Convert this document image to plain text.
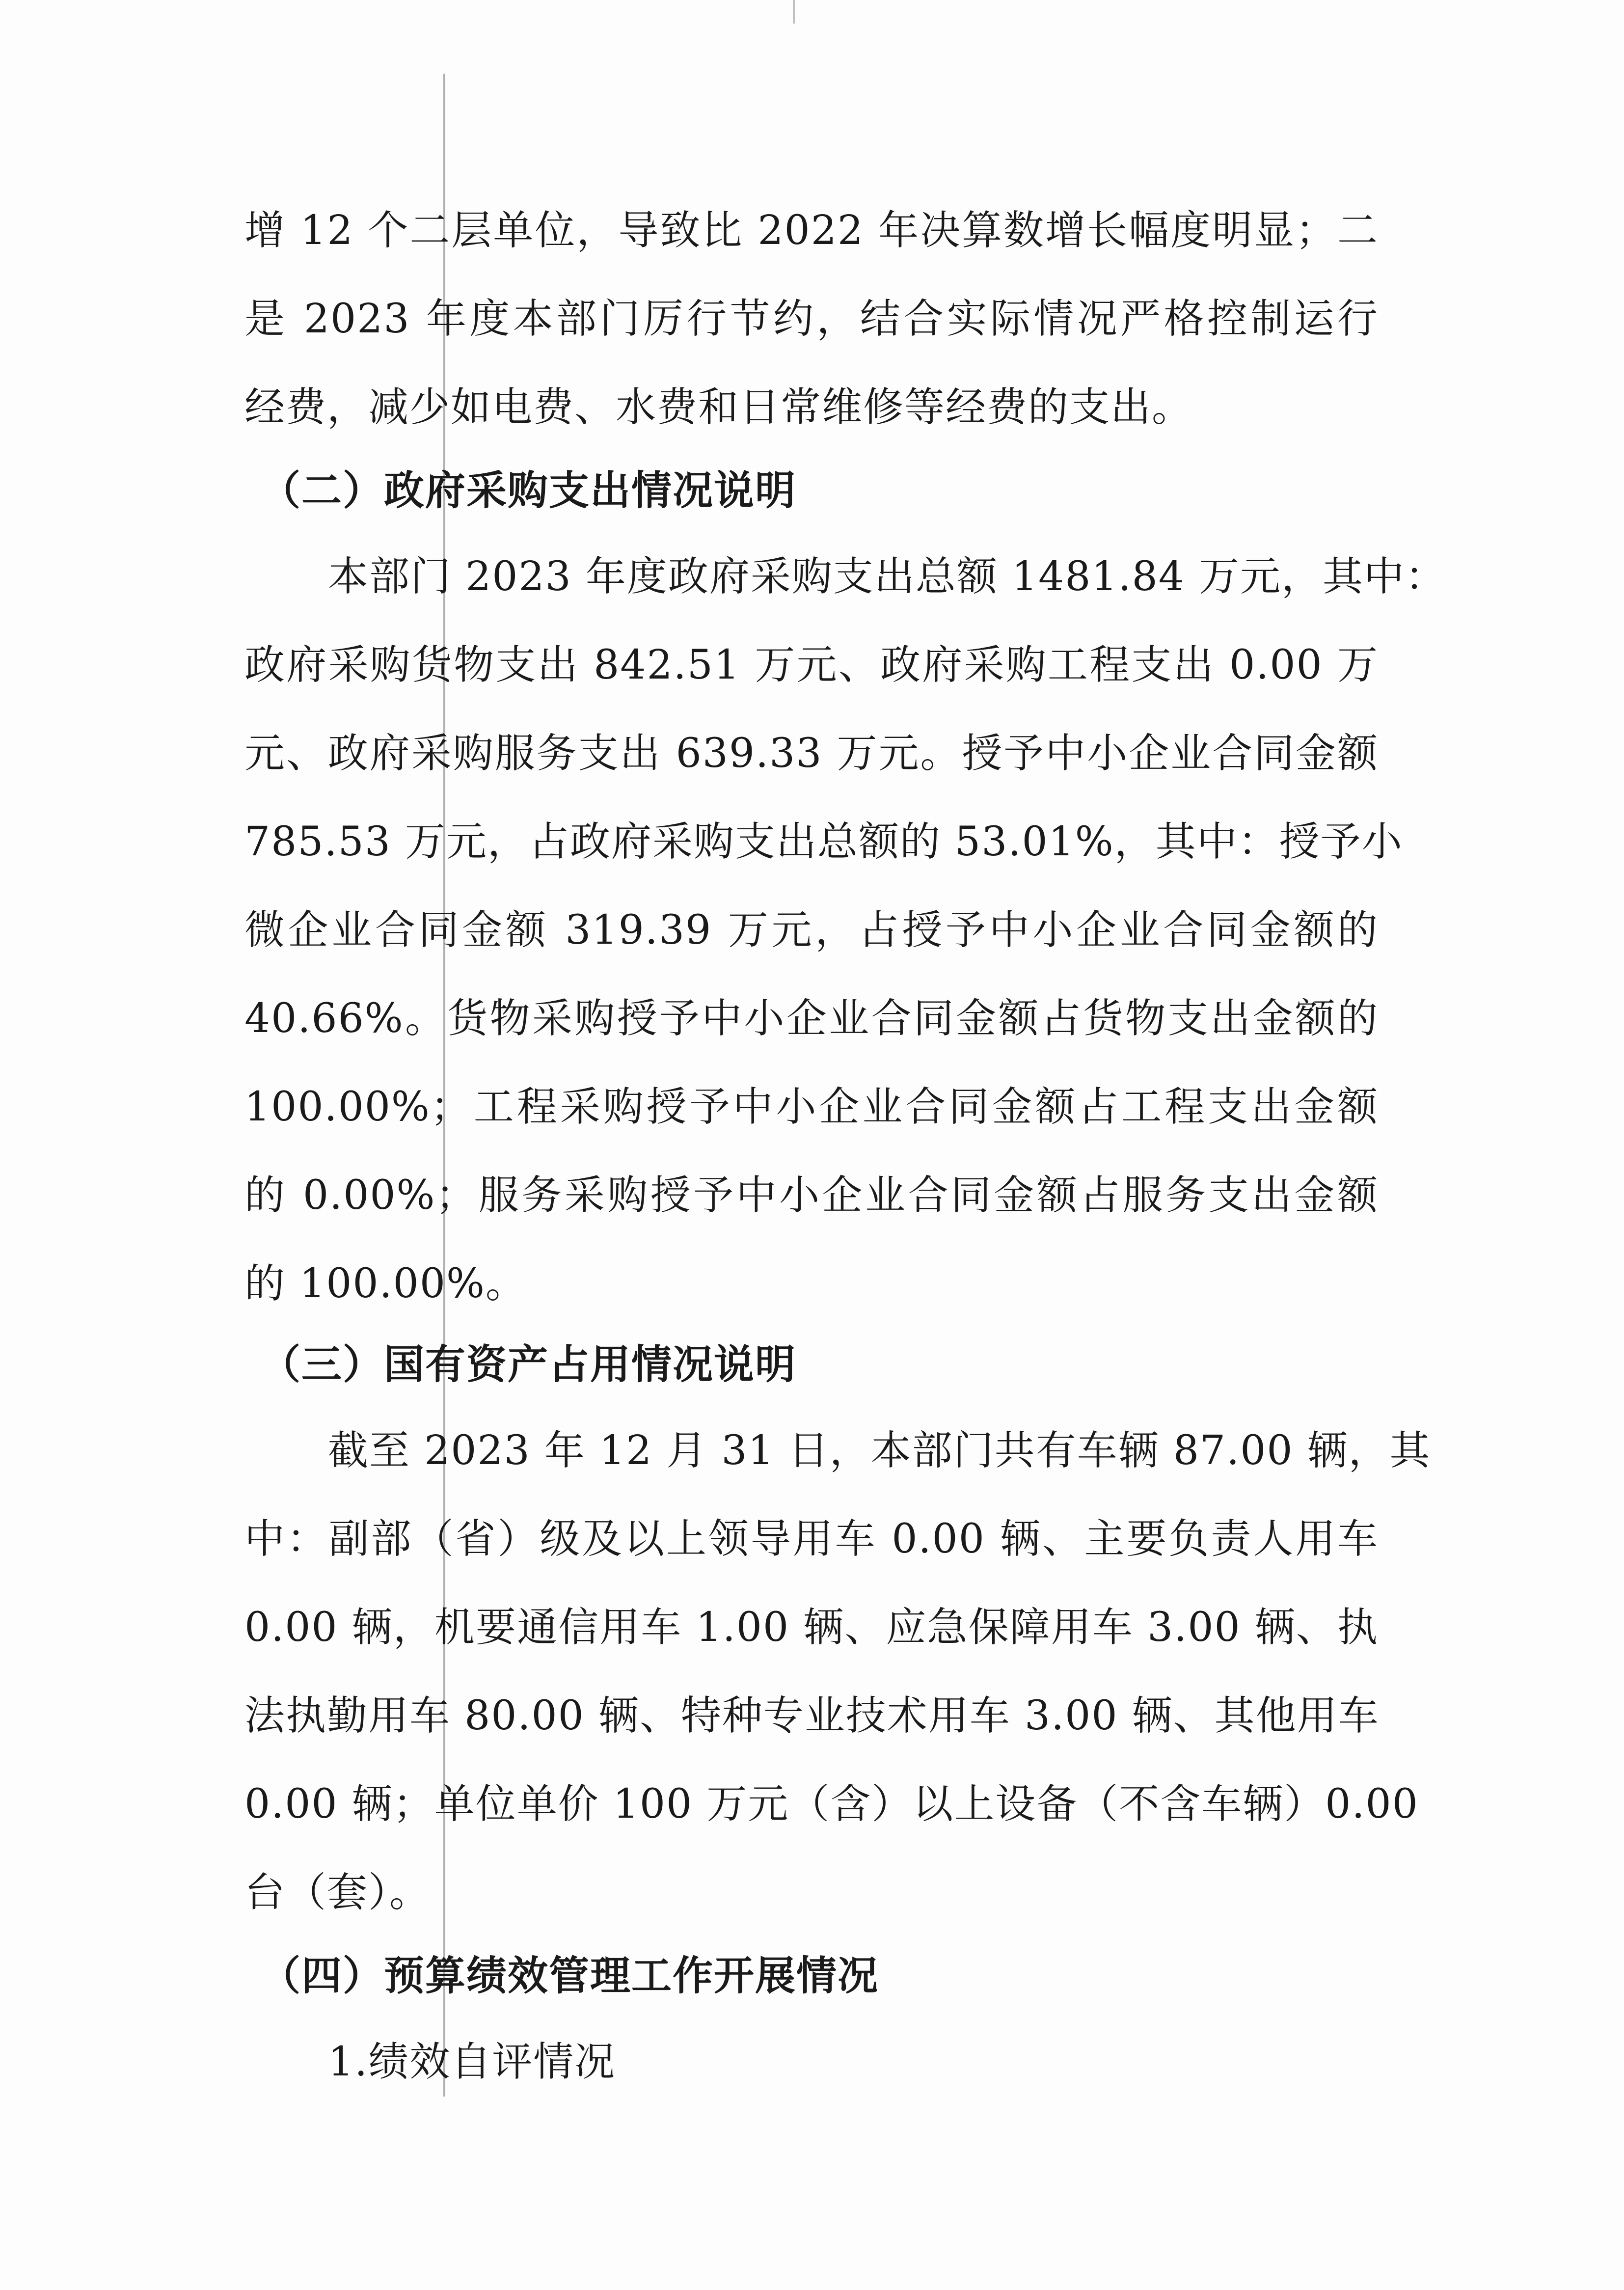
增 12 个二层单位，导致比 2022 年决算数增长幅度明显；二
是 2023 年度本部门厉行节约，结合实际情况严格控制运行
经费，减少如电费、水费和日常维修等经费的支出。
（二）政府采购支出情况说明
本部门 2023 年度政府采购支出总额 1481.84 万元，其中：
政府采购货物支出 842.51 万元、政府采购工程支出 0.00 万
元、政府采购服务支出 639.33 万元。授予中小企业合同金额
785.53 万元，占政府采购支出总额的 53.01%，其中：授予小
微企业合同金额 319.39 万元，占授予中小企业合同金额的
40.66%。货物采购授予中小企业合同金额占货物支出金额的
100.00%；工程采购授予中小企业合同金额占工程支出金额
的 0.00%；服务采购授予中小企业合同金额占服务支出金额
的 100.00%。
（三）国有资产占用情况说明
截至 2023 年 12 月 31 日，本部门共有车辆 87.00 辆，其
中：副部（省）级及以上领导用车 0.00 辆、主要负责人用车
0.00 辆，机要通信用车 1.00 辆、应急保障用车 3.00 辆、执
法执勤用车 80.00 辆、特种专业技术用车 3.00 辆、其他用车
0.00 辆；单位单价 100 万元（含）以上设备（不含车辆）0.00
台（套）。
（四）预算绩效管理工作开展情况
1.绩效自评情况
